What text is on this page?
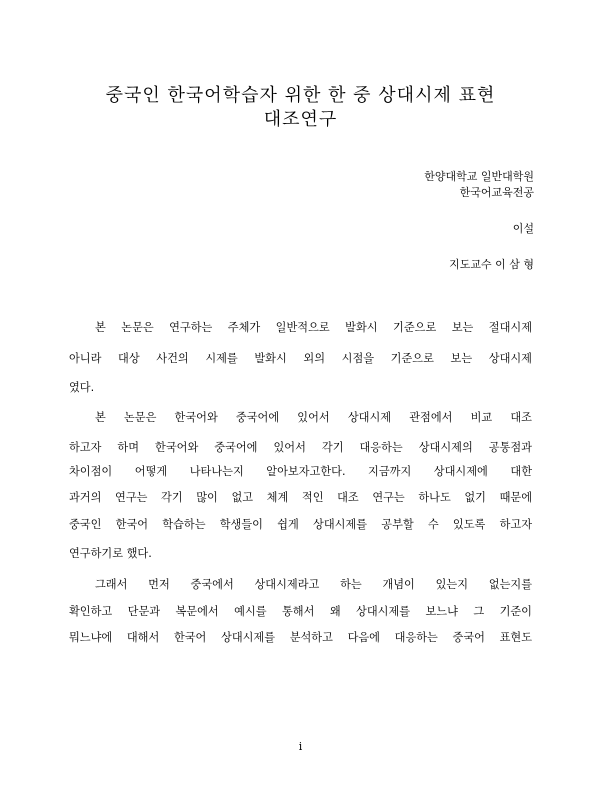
중국인 한국어학습자 위한 한 중 상대시제 표현
대조연구
한양대학교 일반대학원
한국어교육전공
이설
지도교수 이 삼 형
본 논문은 연구하는 주체가 일반적으로 발화시 기준으로 보는 절대시제
아니라 대상 사건의 시제를 발화시 외의 시점을 기준으로 보는 상대시제
였다.
본 논문은 한국어와 중국어에 있어서 상대시제 관점에서 비교 대조
하고자 하며 한국어와 중국어에 있어서 각기 대응하는 상대시제의 공통점과
차이점이 어떻게 나타나는지 알아보자고한다. 지금까지 상대시제에 대한
과거의 연구는 각기 많이 없고 체계 적인 대조 연구는 하나도 없기 때문에
중국인 한국어 학습하는 학생들이 쉽게 상대시제를 공부할 수 있도록 하고자
연구하기로 했다.
그래서 먼저 중국에서 상대시제라고 하는 개념이 있는지 없는지를
확인하고 단문과 복문에서 예시를 통해서 왜 상대시제를 보느냐 그 기준이
뭐느냐에 대해서 한국어 상대시제를 분석하고 다음에 대응하는 중국어 표현도
i
